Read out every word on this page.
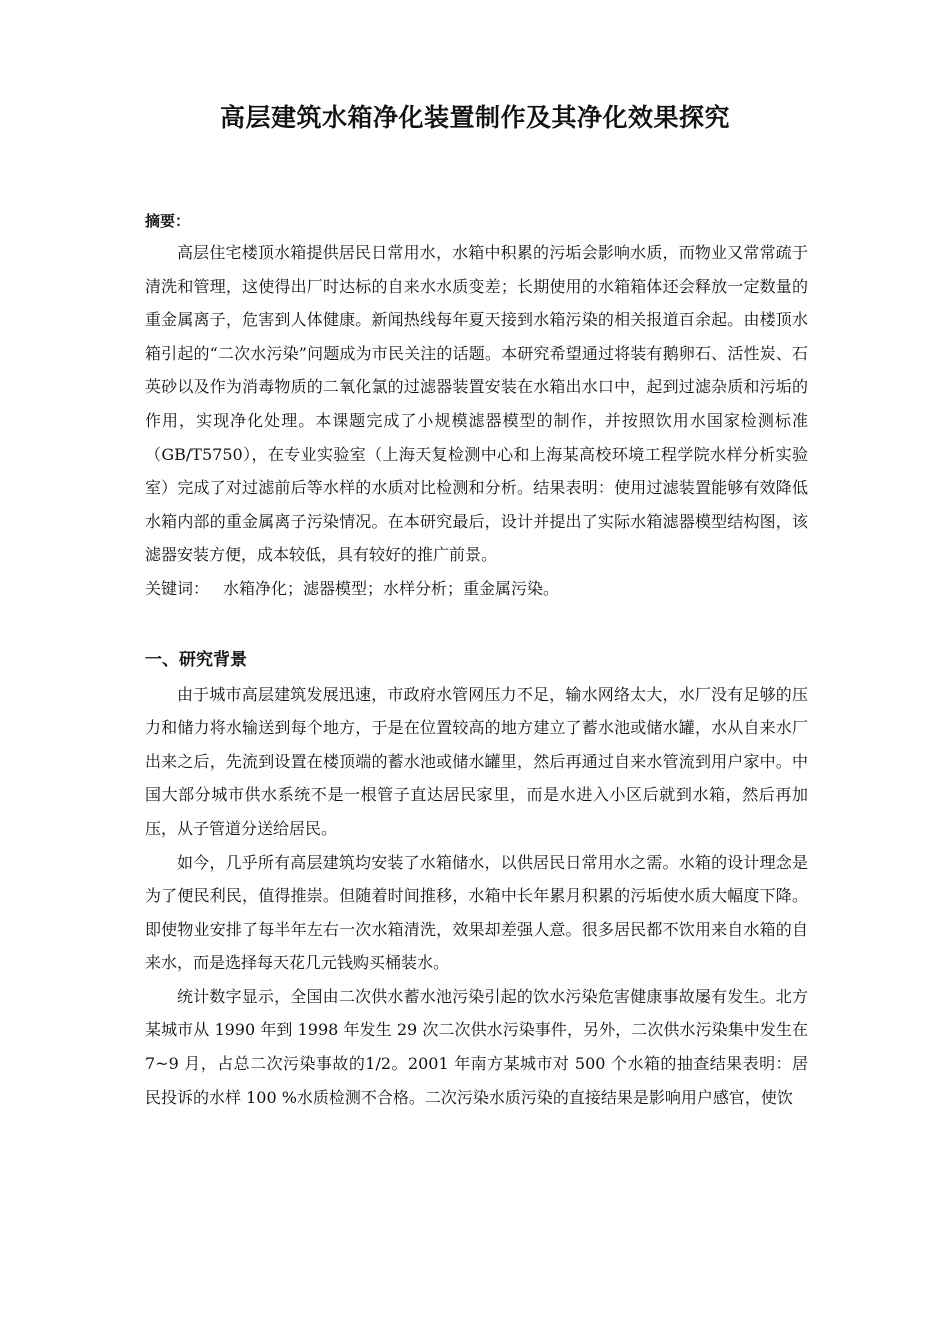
高层建筑水箱净化装置制作及其净化效果探究

摘要：

高层住宅楼顶水箱提供居民日常用水，水箱中积累的污垢会影响水质，而物业又常常疏于清洗和管理，这使得出厂时达标的自来水水质变差；长期使用的水箱箱体还会释放一定数量的重金属离子，危害到人体健康。新闻热线每年夏天接到水箱污染的相关报道百余起。由楼顶水箱引起的“二次水污染”问题成为市民关注的话题。本研究希望通过将装有鹅卵石、活性炭、石英砂以及作为消毒物质的二氧化氯的过滤器装置安装在水箱出水口中，起到过滤杂质和污垢的作用，实现净化处理。本课题完成了小规模滤器模型的制作，并按照饮用水国家检测标准（GB/T5750），在专业实验室（上海天复检测中心和上海某高校环境工程学院水样分析实验室）完成了对过滤前后等水样的水质对比检测和分析。结果表明：使用过滤装置能够有效降低水箱内部的重金属离子污染情况。在本研究最后，设计并提出了实际水箱滤器模型结构图，该滤器安装方便，成本较低，具有较好的推广前景。

关键词： 水箱净化；滤器模型；水样分析；重金属污染。

一、研究背景

由于城市高层建筑发展迅速，市政府水管网压力不足，输水网络太大，水厂没有足够的压力和储力将水输送到每个地方，于是在位置较高的地方建立了蓄水池或储水罐，水从自来水厂出来之后，先流到设置在楼顶端的蓄水池或储水罐里，然后再通过自来水管流到用户家中。中国大部分城市供水系统不是一根管子直达居民家里，而是水进入小区后就到水箱，然后再加压，从子管道分送给居民。

如今，几乎所有高层建筑均安装了水箱储水，以供居民日常用水之需。水箱的设计理念是为了便民利民，值得推崇。但随着时间推移，水箱中长年累月积累的污垢使水质大幅度下降。即使物业安排了每半年左右一次水箱清洗，效果却差强人意。很多居民都不饮用来自水箱的自来水，而是选择每天花几元钱购买桶装水。

统计数字显示，全国由二次供水蓄水池污染引起的饮水污染危害健康事故屡有发生。北方某城市从 1990 年到 1998 年发生 29 次二次供水污染事件，另外，二次供水污染集中发生在 7~9 月，占总二次污染事故的1/2。2001 年南方某城市对 500 个水箱的抽查结果表明：居民投诉的水样 100 %水质检测不合格。二次污染水质污染的直接结果是影响用户感官，使饮
